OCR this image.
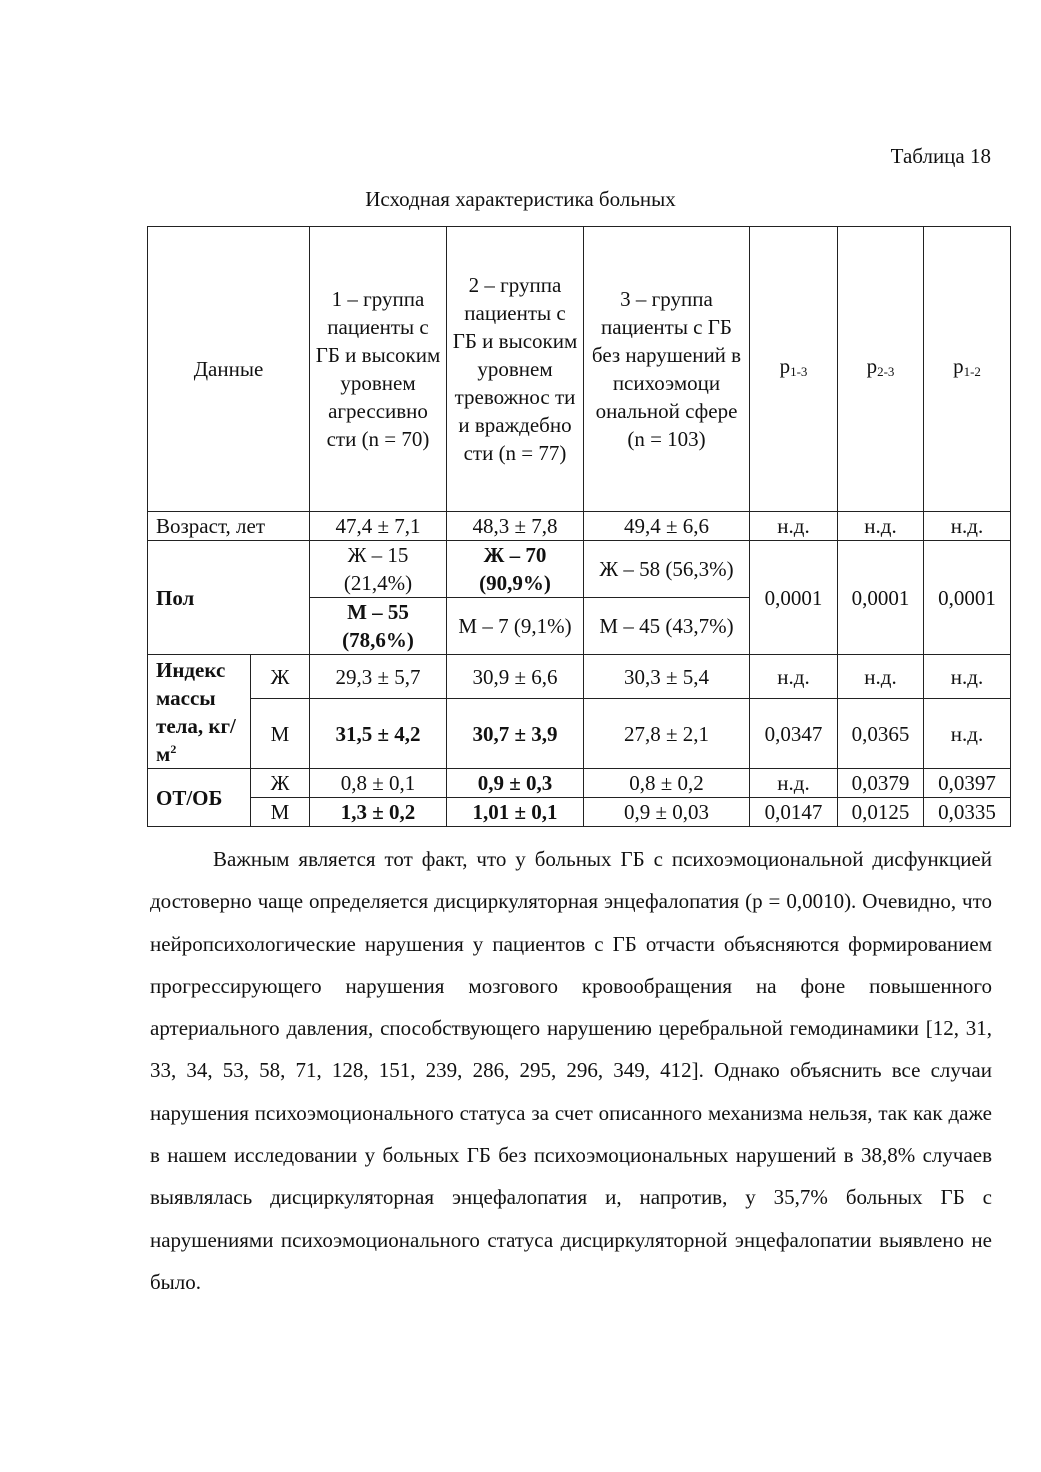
Таблица 18
Исходная характеристика больных
Данные		1 – группа пациенты с ГБ и высоким уровнем агрессивно сти (n = 70)	2 – группа пациенты с ГБ и высоким уровнем тревожнос ти и враждебно сти (n = 77)	3 – группа пациенты с ГБ без нарушений в психоэмоци ональной сфере (n = 103)	$p_{1-3}$	$p_{2-3}$	$p_{1-2}$
Возраст, лет		47,4 ± 7,1	48,3 ± 7,8	49,4 ± 6,6	н.д.	н.д.	н.д.
Пол		Ж – 15 (21,4%)	Ж – 70 (90,9%)	Ж – 58 (56,3%)	0,0001	0,0001	0,0001
		М – 55 (78,6%)	М – 7 (9,1%)	М – 45 (43,7%)			
Индекс массы тела, $кг/м^2$	Ж	29,3 ± 5,7	30,9 ± 6,6	30,3 ± 5,4	н.д.	н.д.	н.д.
	М	31,5 ± 4,2	30,7 ± 3,9	27,8 ± 2,1	0,0347	0,0365	н.д.
ОТ/ОБ	Ж	0,8 ± 0,1	0,9 ± 0,3	0,8 ± 0,2	н.д.	0,0379	0,0397
	М	1,3 ± 0,2	1,01 ± 0,1	0,9 ± 0,03	0,0147	0,0125	0,0335

Важным является тот факт, что у больных ГБ с психоэмоциональной дисфункцией достоверно чаще определяется дисциркуляторная энцефалопатия (p = 0,0010). Очевидно, что нейропсихологические нарушения у пациентов с ГБ отчасти объясняются формированием прогрессирующего нарушения мозгового кровообращения на фоне повышенного артериального давления, способствующего нарушению церебральной гемодинамики [12, 31, 33, 34, 53, 58, 71, 128, 151, 239, 286, 295, 296, 349, 412]. Однако объяснить все случаи нарушения психоэмоционального статуса за счет описанного механизма нельзя, так как даже в нашем исследовании у больных ГБ без психоэмоциональных нарушений в 38,8% случаев выявлялась дисциркуляторная энцефалопатия и, напротив, у 35,7% больных ГБ с нарушениями психоэмоционального статуса дисциркуляторной энцефалопатии выявлено не было.
